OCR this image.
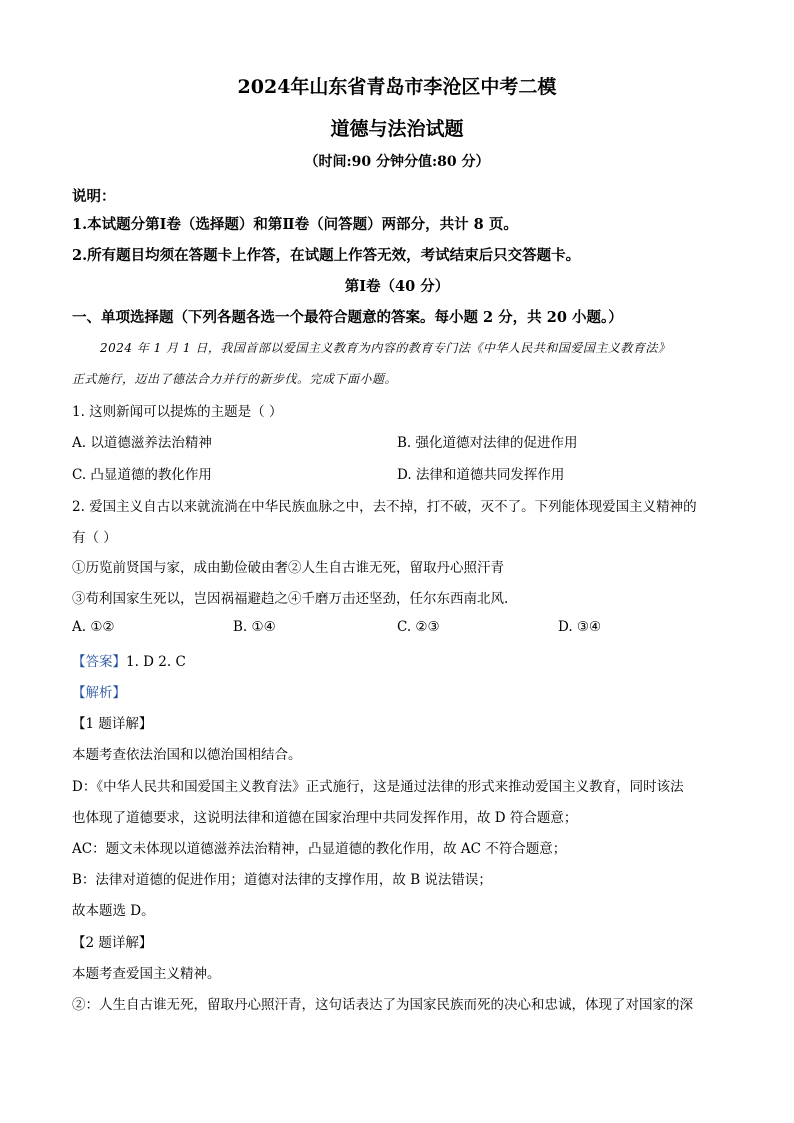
2024年山东省青岛市李沧区中考二模
道德与法治试题
（时间:90 分钟分值:80 分）
说明：
1.本试题分第Ⅰ卷（选择题）和第Ⅱ卷（问答题）两部分，共计 8 页。
2.所有题目均须在答题卡上作答，在试题上作答无效，考试结束后只交答题卡。
第Ⅰ卷（40 分）
一、单项选择题（下列各题各选一个最符合题意的答案。每小题 2 分，共 20 小题。）
2024 年 1 月 1 日，我国首部以爱国主义教育为内容的教育专门法《中华人民共和国爱国主义教育法》
正式施行，迈出了德法合力并行的新步伐。完成下面小题。
1. 这则新闻可以提炼的主题是（ ）
A. 以道德滋养法治精神	B. 强化道德对法律的促进作用
C. 凸显道德的教化作用	D. 法律和道德共同发挥作用
2. 爱国主义自古以来就流淌在中华民族血脉之中，去不掉，打不破，灭不了。下列能体现爱国主义精神的
有（ ）
①历览前贤国与家，成由勤俭破由奢②人生自古谁无死，留取丹心照汗青
③苟利国家生死以，岂因祸福避趋之④千磨万击还坚劲，任尔东西南北风.
A. ①②	B. ①④	C. ②③	D. ③④
【答案】1. D 2. C
【解析】
【1 题详解】
本题考查依法治国和以德治国相结合。
D：《中华人民共和国爱国主义教育法》正式施行，这是通过法律的形式来推动爱国主义教育，同时该法
也体现了道德要求，这说明法律和道德在国家治理中共同发挥作用，故 D 符合题意；
AC：题文未体现以道德滋养法治精神，凸显道德的教化作用，故 AC 不符合题意；
B：法律对道德的促进作用；道德对法律的支撑作用，故 B 说法错误；
故本题选 D。
【2 题详解】
本题考查爱国主义精神。
②：人生自古谁无死，留取丹心照汗青，这句话表达了为国家民族而死的决心和忠诚，体现了对国家的深
